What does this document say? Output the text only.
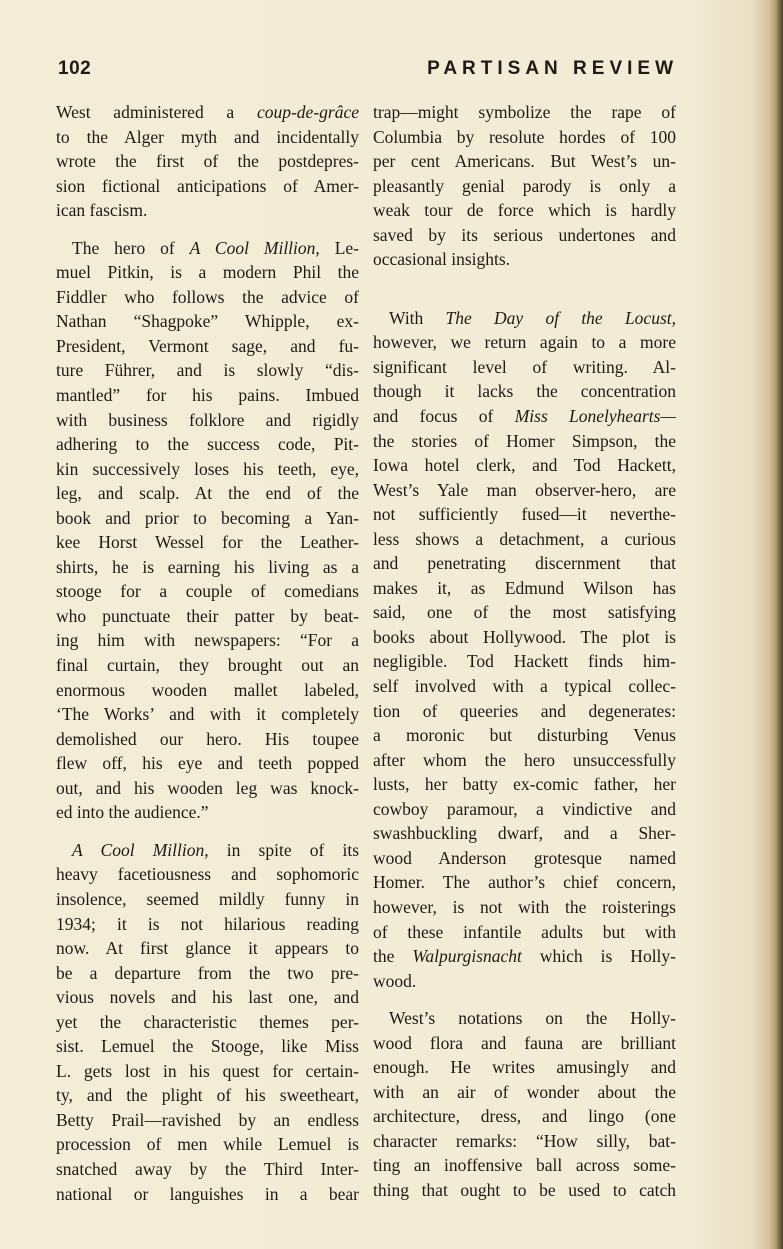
102	PARTISAN REVIEW
West administered a coup-de-grâce
to the Alger myth and incidentally
wrote the first of the postdepres-
sion fictional anticipations of Amer-
ican fascism.
The hero of A Cool Million, Le-
muel Pitkin, is a modern Phil the
Fiddler who follows the advice of
Nathan “Shagpoke” Whipple, ex-
President, Vermont sage, and fu-
ture Führer, and is slowly “dis-
mantled” for his pains. Imbued
with business folklore and rigidly
adhering to the success code, Pit-
kin successively loses his teeth, eye,
leg, and scalp. At the end of the
book and prior to becoming a Yan-
kee Horst Wessel for the Leather-
shirts, he is earning his living as a
stooge for a couple of comedians
who punctuate their patter by beat-
ing him with newspapers: “For a
final curtain, they brought out an
enormous wooden mallet labeled,
‘The Works’ and with it completely
demolished our hero. His toupee
flew off, his eye and teeth popped
out, and his wooden leg was knock-
ed into the audience.”
A Cool Million, in spite of its
heavy facetiousness and sophomoric
insolence, seemed mildly funny in
1934; it is not hilarious reading
now. At first glance it appears to
be a departure from the two pre-
vious novels and his last one, and
yet the characteristic themes per-
sist. Lemuel the Stooge, like Miss
L. gets lost in his quest for certain-
ty, and the plight of his sweetheart,
Betty Prail—ravished by an endless
procession of men while Lemuel is
snatched away by the Third Inter-
national or languishes in a bear
trap—might symbolize the rape of
Columbia by resolute hordes of 100
per cent Americans. But West’s un-
pleasantly genial parody is only a
weak tour de force which is hardly
saved by its serious undertones and
occasional insights.
With The Day of the Locust,
however, we return again to a more
significant level of writing. Al-
though it lacks the concentration
and focus of Miss Lonelyhearts—
the stories of Homer Simpson, the
Iowa hotel clerk, and Tod Hackett,
West’s Yale man observer-hero, are
not sufficiently fused—it neverthe-
less shows a detachment, a curious
and penetrating discernment that
makes it, as Edmund Wilson has
said, one of the most satisfying
books about Hollywood. The plot is
negligible. Tod Hackett finds him-
self involved with a typical collec-
tion of queeries and degenerates:
a moronic but disturbing Venus
after whom the hero unsuccessfully
lusts, her batty ex-comic father, her
cowboy paramour, a vindictive and
swashbuckling dwarf, and a Sher-
wood Anderson grotesque named
Homer. The author’s chief concern,
however, is not with the roisterings
of these infantile adults but with
the Walpurgisnacht which is Holly-
wood.
West’s notations on the Holly-
wood flora and fauna are brilliant
enough. He writes amusingly and
with an air of wonder about the
architecture, dress, and lingo (one
character remarks: “How silly, bat-
ting an inoffensive ball across some-
thing that ought to be used to catch
